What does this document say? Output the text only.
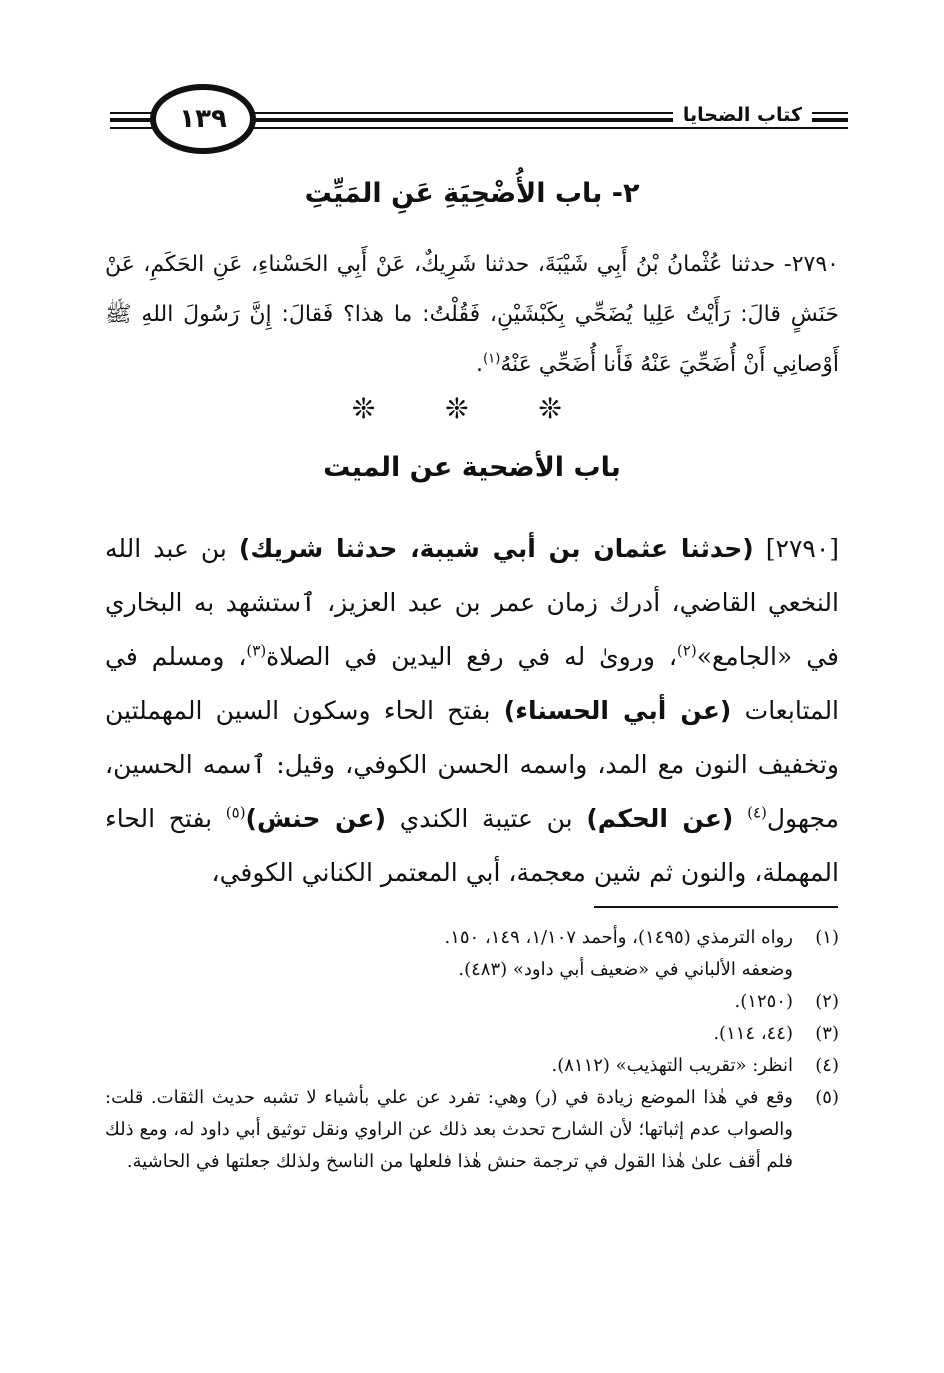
١٣٩	كتاب الضحايا
٢- باب الأُضْحِيَةِ عَنِ المَيِّتِ

٢٧٩٠- حدثنا عُثْمانُ بْنُ أَبِي شَيْبَةَ، حدثنا شَرِيكٌ، عَنْ أَبِي الحَسْناءِ، عَنِ الحَكَمِ، عَنْ حَنَشٍ قالَ: رَأَيْتُ عَلِيا يُضَحِّي بِكَبْشَيْنِ، فَقُلْتُ: ما هذا؟ فَقالَ: إِنَّ رَسُولَ اللهِ ﷺ أَوْصانِي أَنْ أُضَحِّيَ عَنْهُ فَأَنا أُضَحِّي عَنْهُ$^{(١)}$.

❊ ❊ ❊
باب الأضحية عن الميت

[٢٧٩٠] (حدثنا عثمان بن أبي شيبة، حدثنا شريك) بن عبد الله النخعي القاضي، أدرك زمان عمر بن عبد العزيز، ٱستشهد به البخاري في «الجامع»$^{(٢)}$، وروىٰ له في رفع اليدين في الصلاة$^{(٣)}$، ومسلم في المتابعات (عن أبي الحسناء) بفتح الحاء وسكون السين المهملتين وتخفيف النون مع المد، واسمه الحسن الكوفي، وقيل: ٱسمه الحسين، مجهول$^{(٤)}$ (عن الحكم) بن عتيبة الكندي (عن حنش)$^{(٥)}$ بفتح الحاء المهملة، والنون ثم شين معجمة، أبي المعتمر الكناني الكوفي،

(١)
رواه الترمذي (١٤٩٥)، وأحمد ١/١٠٧، ١٤٩، ١٥٠.
وضعفه الألباني في «ضعيف أبي داود» (٤٨٣).
(٢)
(١٢٥٠).
(٣)
(٤٤، ١١٤).
(٤)
انظر: «تقريب التهذيب» (٨١١٢).
(٥)
وقع في هٰذا الموضع زيادة في (ر) وهي: تفرد عن علي بأشياء لا تشبه حديث الثقات. قلت: والصواب عدم إثباتها؛ لأن الشارح تحدث بعد ذلك عن الراوي ونقل توثيق أبي داود له، ومع ذلك فلم أقف علىٰ هٰذا القول في ترجمة حنش هٰذا فلعلها من الناسخ ولذلك جعلتها في الحاشية.
